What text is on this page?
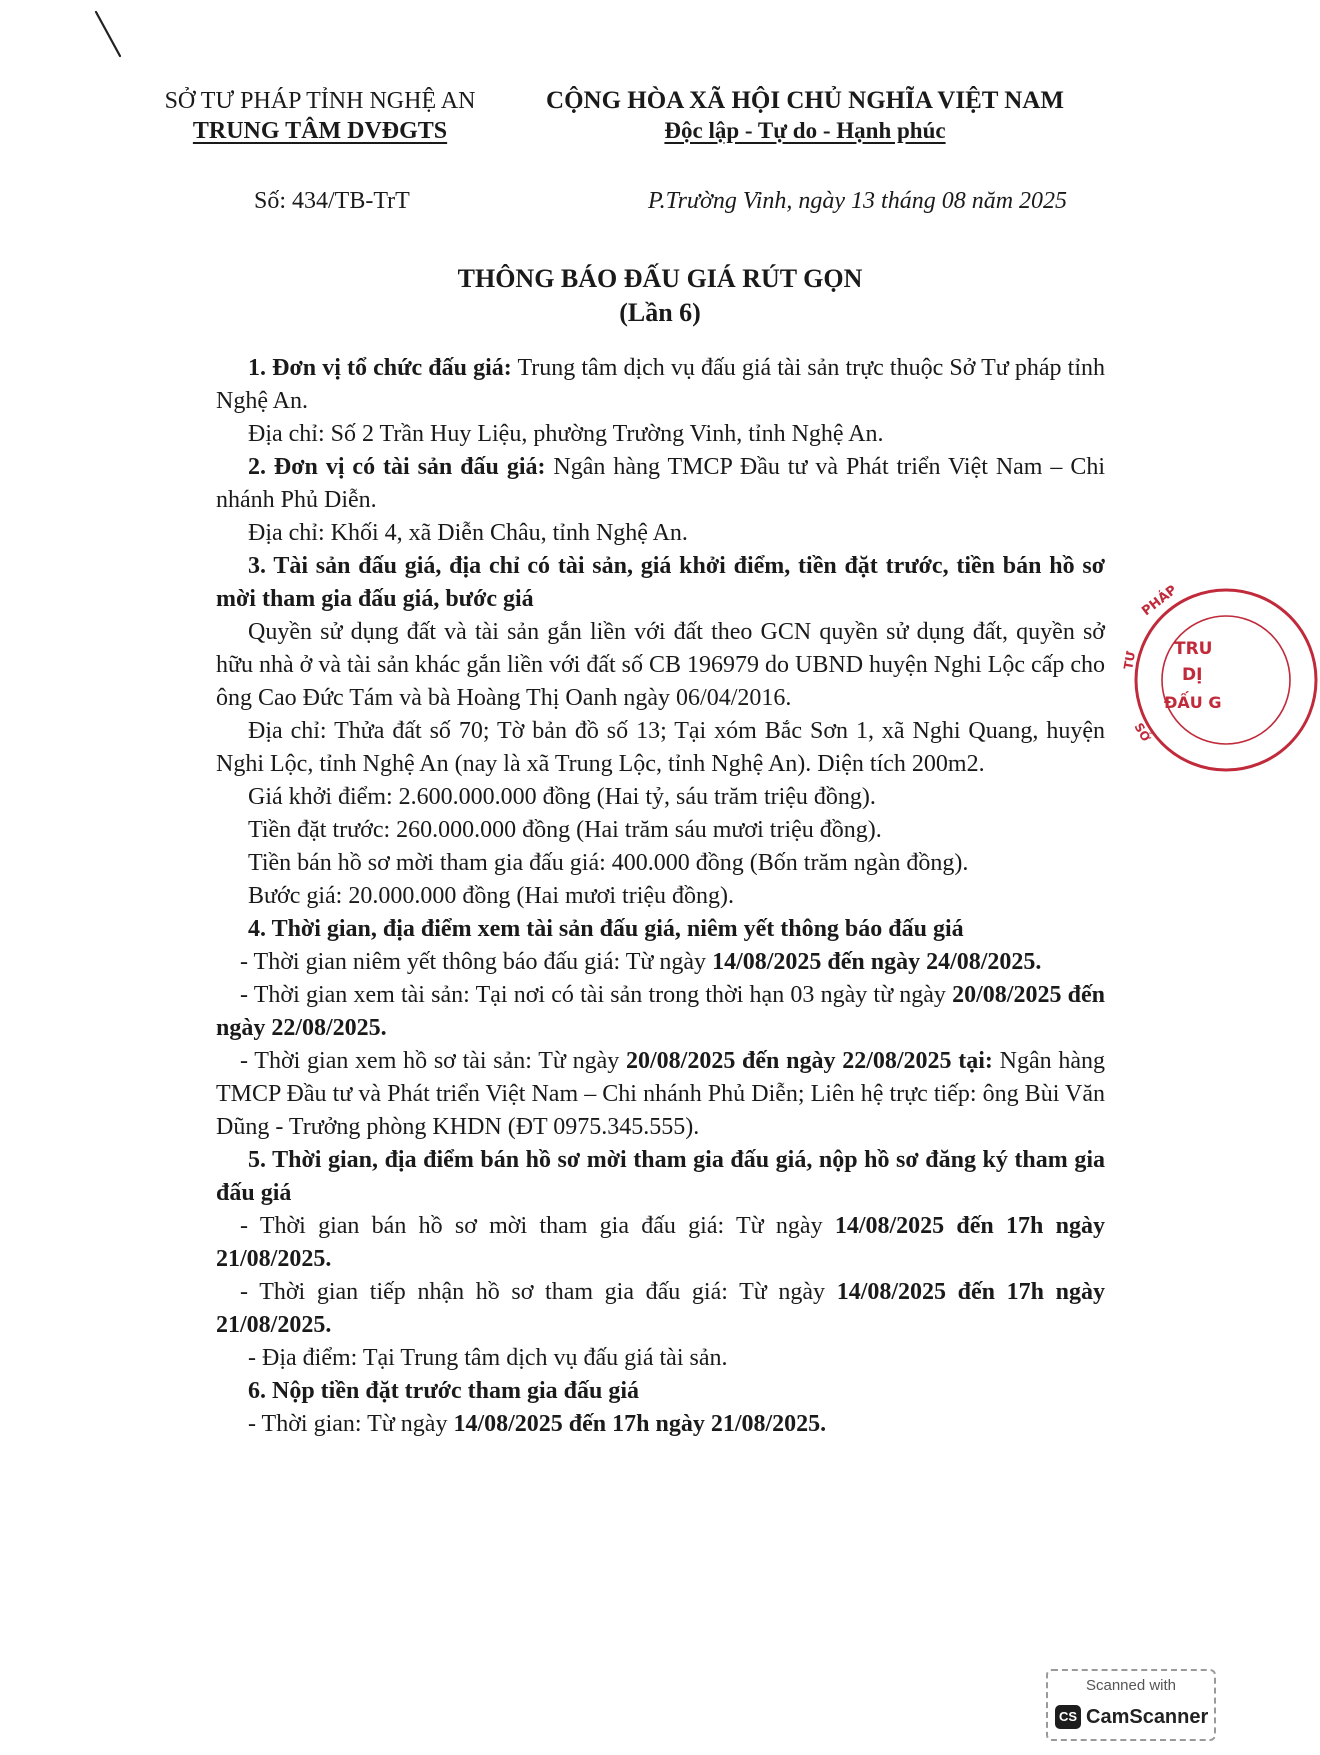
SỞ TƯ PHÁP TỈNH NGHỆ AN
TRUNG TÂM DVĐGTS
CỘNG HÒA XÃ HỘI CHỦ NGHĨA VIỆT NAM
Độc lập - Tự do - Hạnh phúc
Số: 434/TB-TrT	P.Trường Vinh, ngày 13 tháng 08 năm 2025
THÔNG BÁO ĐẤU GIÁ RÚT GỌN
(Lần 6)

1. Đơn vị tổ chức đấu giá: Trung tâm dịch vụ đấu giá tài sản trực thuộc Sở Tư pháp tỉnh Nghệ An.

Địa chỉ: Số 2 Trần Huy Liệu, phường Trường Vinh, tỉnh Nghệ An.

2. Đơn vị có tài sản đấu giá: Ngân hàng TMCP Đầu tư và Phát triển Việt Nam – Chi nhánh Phủ Diễn.

Địa chỉ: Khối 4, xã Diễn Châu, tỉnh Nghệ An.

3. Tài sản đấu giá, địa chỉ có tài sản, giá khởi điểm, tiền đặt trước, tiền bán hồ sơ mời tham gia đấu giá, bước giá

Quyền sử dụng đất và tài sản gắn liền với đất theo GCN quyền sử dụng đất, quyền sở hữu nhà ở và tài sản khác gắn liền với đất số CB 196979 do UBND huyện Nghi Lộc cấp cho ông Cao Đức Tám và bà Hoàng Thị Oanh ngày 06/04/2016.

Địa chỉ: Thửa đất số 70; Tờ bản đồ số 13; Tại xóm Bắc Sơn 1, xã Nghi Quang, huyện Nghi Lộc, tỉnh Nghệ An (nay là xã Trung Lộc, tỉnh Nghệ An). Diện tích 200m2.

Giá khởi điểm: 2.600.000.000 đồng (Hai tỷ, sáu trăm triệu đồng).

Tiền đặt trước: 260.000.000 đồng (Hai trăm sáu mươi triệu đồng).

Tiền bán hồ sơ mời tham gia đấu giá: 400.000 đồng (Bốn trăm ngàn đồng).

Bước giá: 20.000.000 đồng (Hai mươi triệu đồng).

4. Thời gian, địa điểm xem tài sản đấu giá, niêm yết thông báo đấu giá

- Thời gian niêm yết thông báo đấu giá: Từ ngày 14/08/2025 đến ngày 24/08/2025.

- Thời gian xem tài sản: Tại nơi có tài sản trong thời hạn 03 ngày từ ngày 20/08/2025 đến ngày 22/08/2025.

- Thời gian xem hồ sơ tài sản: Từ ngày 20/08/2025 đến ngày 22/08/2025 tại: Ngân hàng TMCP Đầu tư và Phát triển Việt Nam – Chi nhánh Phủ Diễn; Liên hệ trực tiếp: ông Bùi Văn Dũng - Trưởng phòng KHDN (ĐT 0975.345.555).

5. Thời gian, địa điểm bán hồ sơ mời tham gia đấu giá, nộp hồ sơ đăng ký tham gia đấu giá

- Thời gian bán hồ sơ mời tham gia đấu giá: Từ ngày 14/08/2025 đến 17h ngày 21/08/2025.

- Thời gian tiếp nhận hồ sơ tham gia đấu giá: Từ ngày 14/08/2025 đến 17h ngày 21/08/2025.

- Địa điểm: Tại Trung tâm dịch vụ đấu giá tài sản.

6. Nộp tiền đặt trước tham gia đấu giá

- Thời gian: Từ ngày 14/08/2025 đến 17h ngày 21/08/2025.

PHÁP
TƯ
SỞ
TRU
DỊ
ĐẤU G
Scanned with
CS CamScanner
